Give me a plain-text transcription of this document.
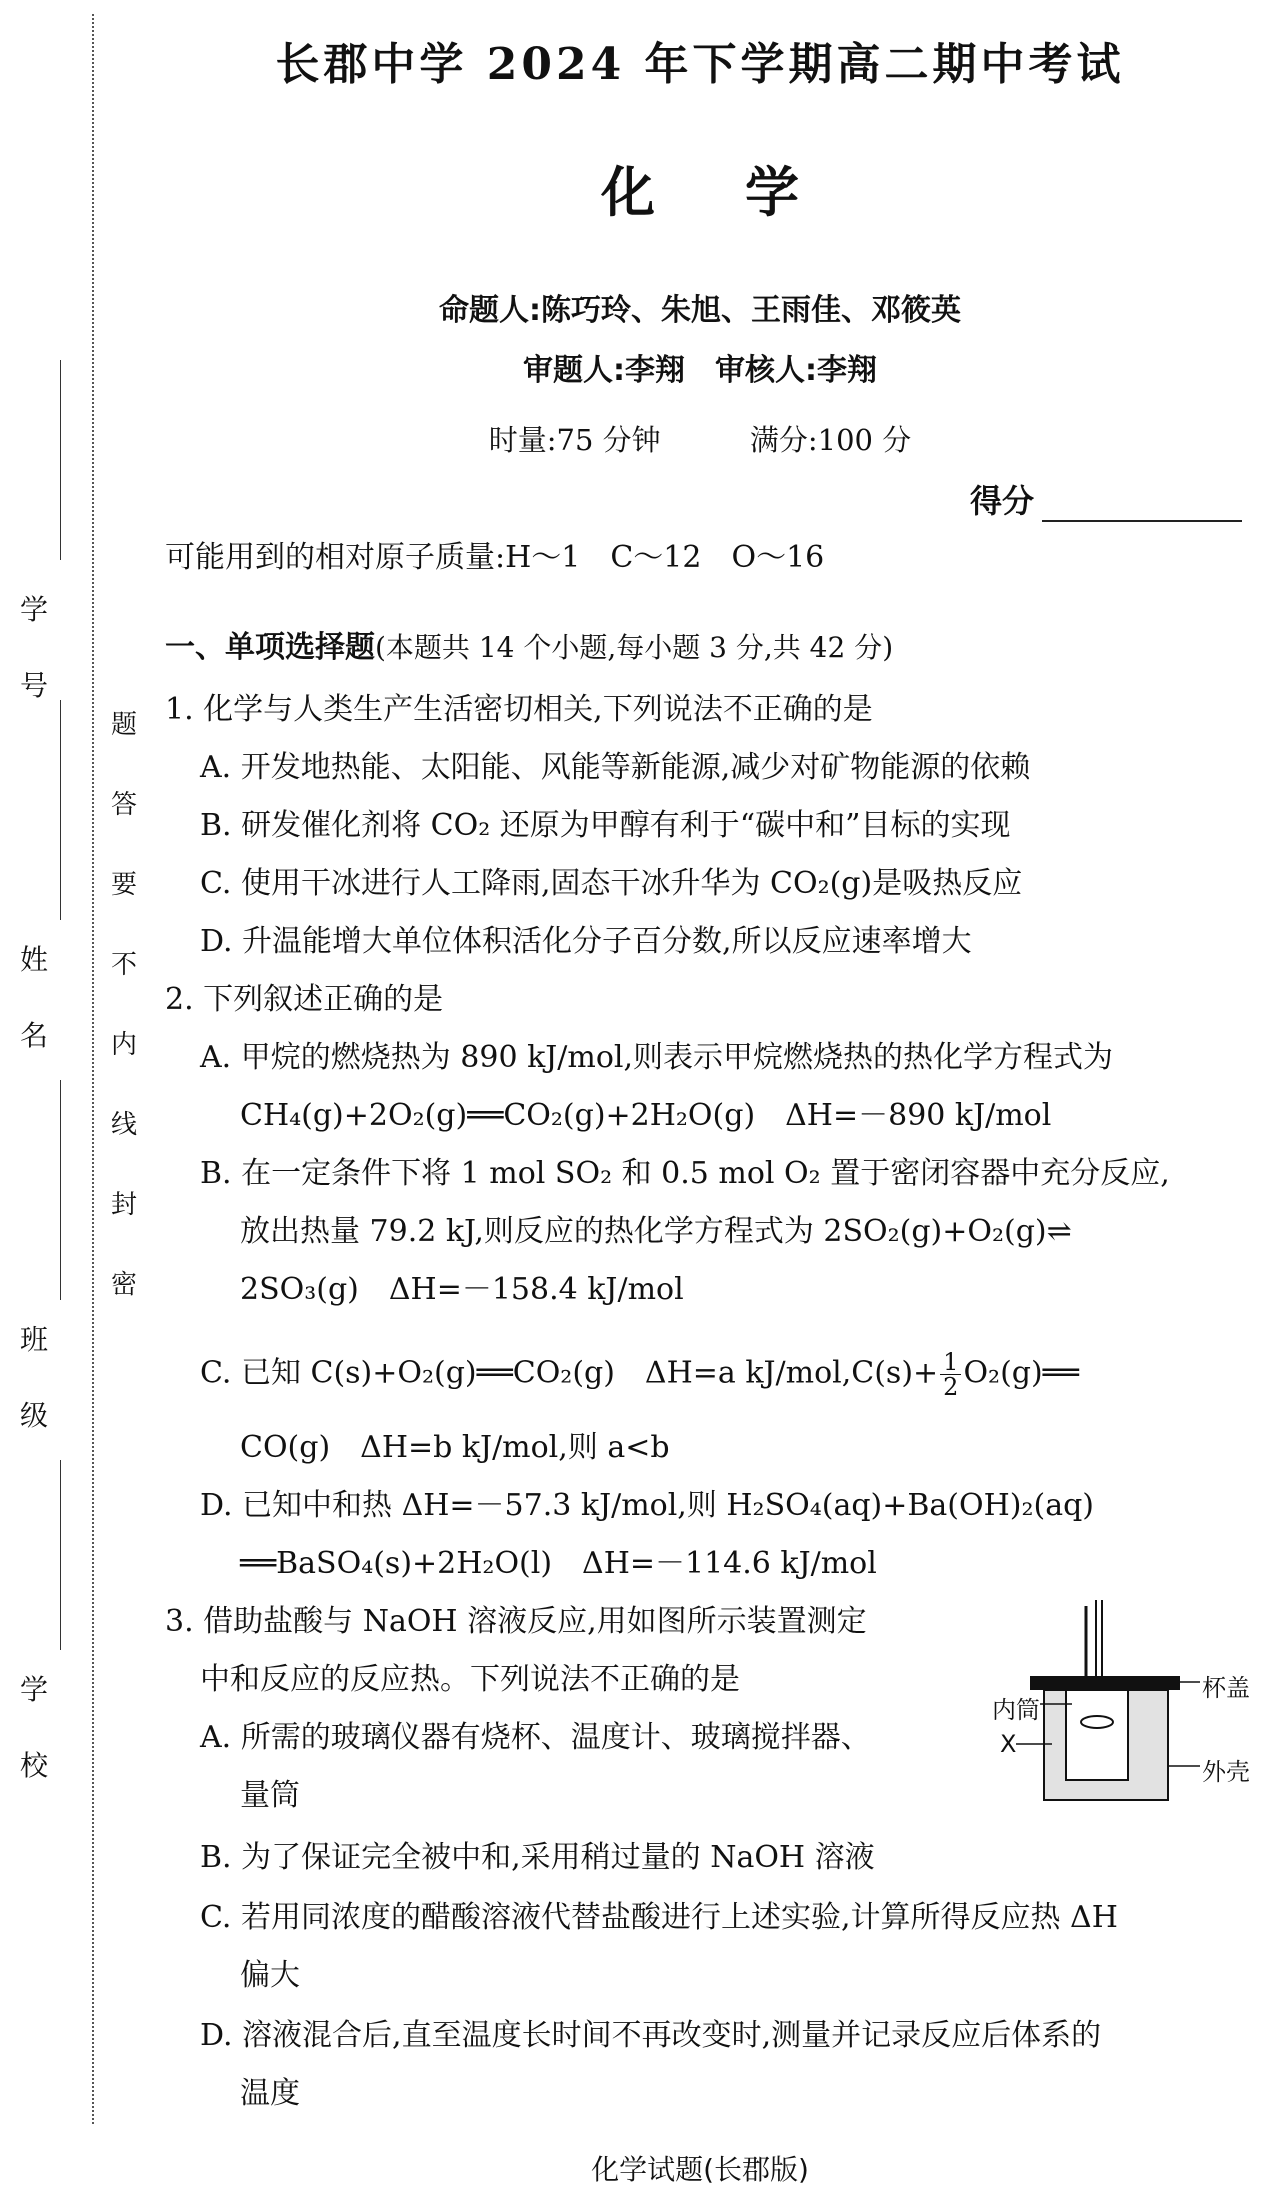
学
号
姓
名
班
级
学
校
题
答
要
不
内
线
封
密
长郡中学 2024 年下学期高二期中考试
化学
命题人:陈巧玲、朱旭、王雨佳、邓筱英
审题人:李翔　审核人:李翔
时量:75 分钟	满分:100 分
得分
可能用到的相对原子质量:H～1　C～12　O～16
一、单项选择题(本题共 14 个小题,每小题 3 分,共 42 分)
1. 化学与人类生产生活密切相关,下列说法不正确的是
A. 开发地热能、太阳能、风能等新能源,减少对矿物能源的依赖
B. 研发催化剂将 CO₂ 还原为甲醇有利于“碳中和”目标的实现
C. 使用干冰进行人工降雨,固态干冰升华为 CO₂(g)是吸热反应
D. 升温能增大单位体积活化分子百分数,所以反应速率增大
2. 下列叙述正确的是
A. 甲烷的燃烧热为 890 kJ/mol,则表示甲烷燃烧热的热化学方程式为
CH₄(g)+2O₂(g)══CO₂(g)+2H₂O(g)　ΔH=－890 kJ/mol
B. 在一定条件下将 1 mol SO₂ 和 0.5 mol O₂ 置于密闭容器中充分反应,
放出热量 79.2 kJ,则反应的热化学方程式为 2SO₂(g)+O₂(g)⇌
2SO₃(g)　ΔH=－158.4 kJ/mol
C. 已知 C(s)+O₂(g)══CO₂(g)　ΔH=a $kJ/mol,C(s)+ \frac{1}{2}$ O₂(g)══
CO(g)　ΔH=b kJ/mol,则 a<b
D. 已知中和热 ΔH=－57.3 kJ/mol,则 H₂SO₄(aq)+Ba(OH)₂(aq)
══BaSO₄(s)+2H₂O(l)　ΔH=－114.6 kJ/mol
3. 借助盐酸与 NaOH 溶液反应,用如图所示装置测定
中和反应的反应热。下列说法不正确的是
A. 所需的玻璃仪器有烧杯、温度计、玻璃搅拌器、
量筒
B. 为了保证完全被中和,采用稍过量的 NaOH 溶液
C. 若用同浓度的醋酸溶液代替盐酸进行上述实验,计算所得反应热 ΔH
偏大
D. 溶液混合后,直至温度长时间不再改变时,测量并记录反应后体系的
温度
杯盖
内筒
X
外壳
化学试题(长郡版)
